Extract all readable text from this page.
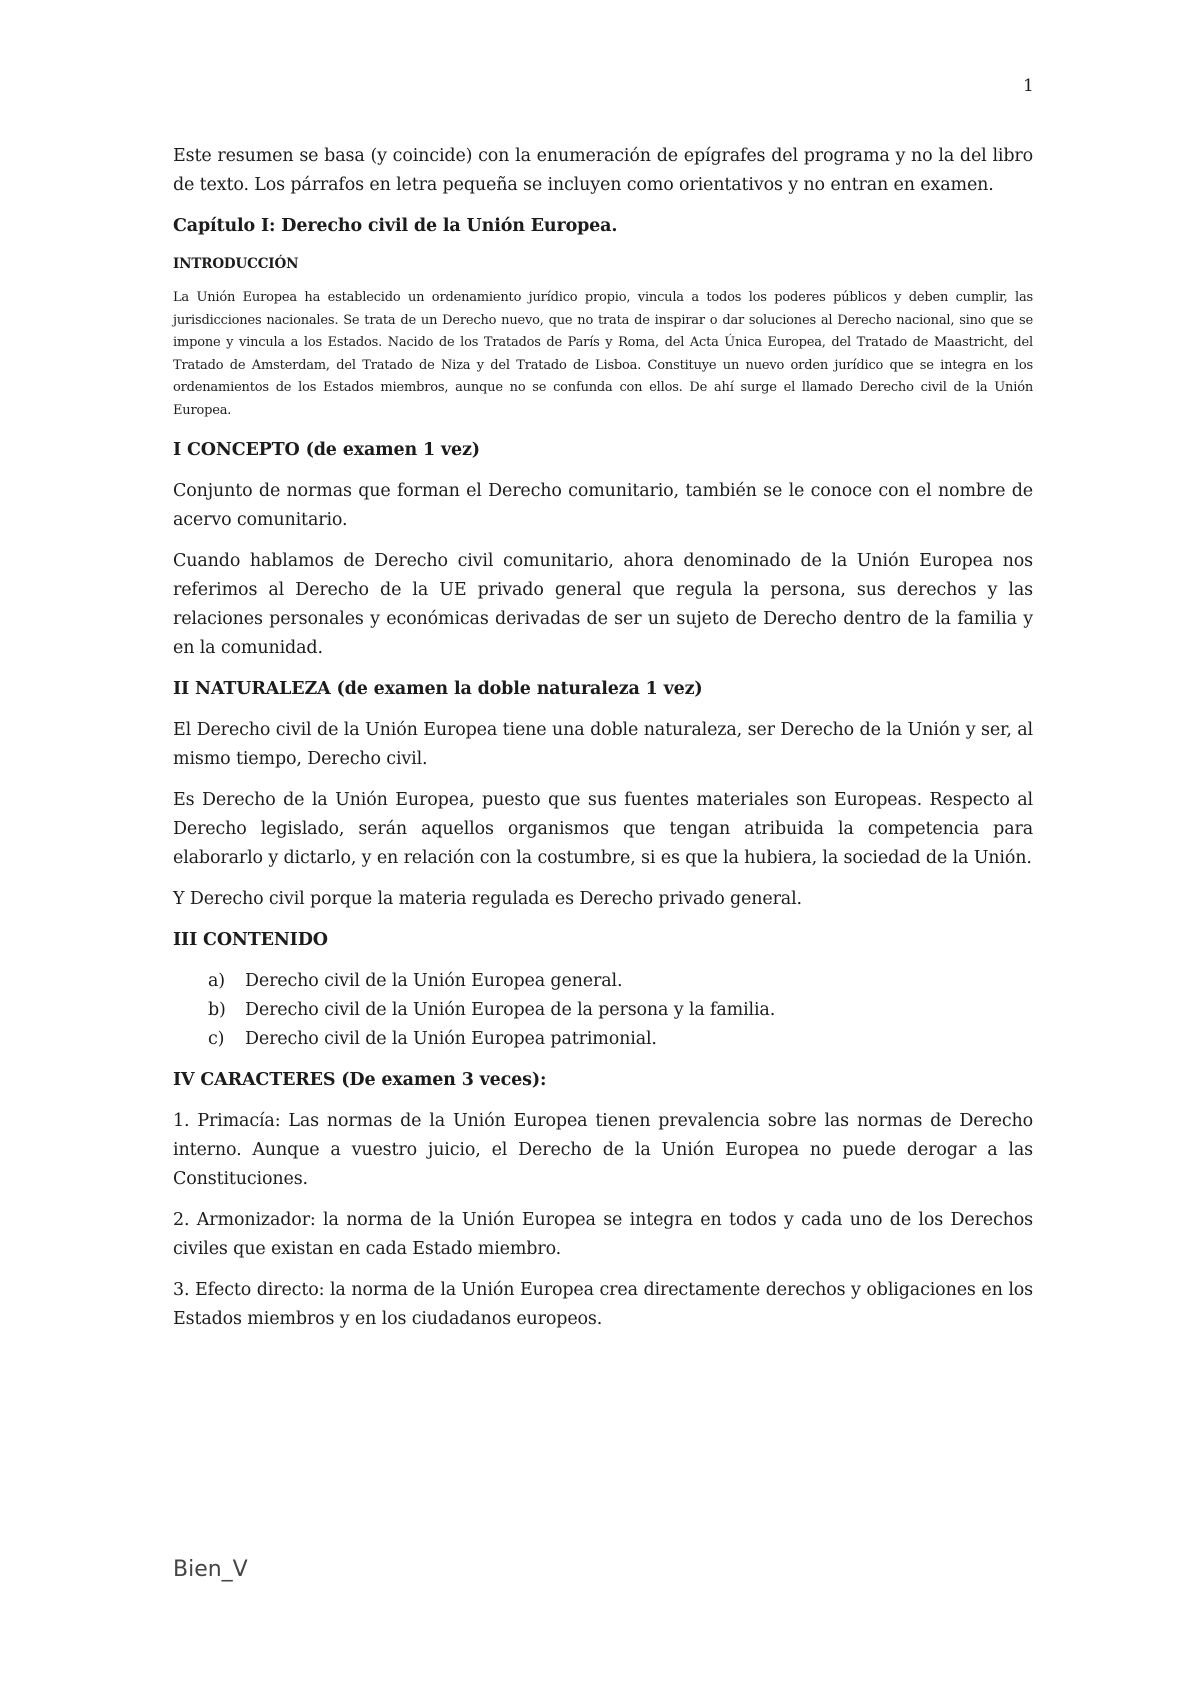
1

Este resumen se basa (y coincide) con la enumeración de epígrafes del programa y no la del libro de texto. Los párrafos en letra pequeña se incluyen como orientativos y no entran en examen.

Capítulo I: Derecho civil de la Unión Europea.
INTRODUCCIÓN

La Unión Europea ha establecido un ordenamiento jurídico propio, vincula a todos los poderes públicos y deben cumplir, las jurisdicciones nacionales. Se trata de un Derecho nuevo, que no trata de inspirar o dar soluciones al Derecho nacional, sino que se impone y vincula a los Estados. Nacido de los Tratados de París y Roma, del Acta Única Europea, del Tratado de Maastricht, del Tratado de Amsterdam, del Tratado de Niza y del Tratado de Lisboa. Constituye un nuevo orden jurídico que se integra en los ordenamientos de los Estados miembros, aunque no se confunda con ellos. De ahí surge el llamado Derecho civil de la Unión Europea.

I CONCEPTO (de examen 1 vez)

Conjunto de normas que forman el Derecho comunitario, también se le conoce con el nombre de acervo comunitario.

Cuando hablamos de Derecho civil comunitario, ahora denominado de la Unión Europea nos referimos al Derecho de la UE privado general que regula la persona, sus derechos y las relaciones personales y económicas derivadas de ser un sujeto de Derecho dentro de la familia y en la comunidad.

II NATURALEZA (de examen la doble naturaleza 1 vez)

El Derecho civil de la Unión Europea tiene una doble naturaleza, ser Derecho de la Unión y ser, al mismo tiempo, Derecho civil.

Es Derecho de la Unión Europea, puesto que sus fuentes materiales son Europeas. Respecto al Derecho legislado, serán aquellos organismos que tengan atribuida la competencia para elaborarlo y dictarlo, y en relación con la costumbre, si es que la hubiera, la sociedad de la Unión.

Y Derecho civil porque la materia regulada es Derecho privado general.

III CONTENIDO
a) Derecho civil de la Unión Europea general.
b) Derecho civil de la Unión Europea de la persona y la familia.
c) Derecho civil de la Unión Europea patrimonial.
IV CARACTERES (De examen 3 veces):

1. Primacía: Las normas de la Unión Europea tienen prevalencia sobre las normas de Derecho interno. Aunque a vuestro juicio, el Derecho de la Unión Europea no puede derogar a las Constituciones.

2. Armonizador: la norma de la Unión Europea se integra en todos y cada uno de los Derechos civiles que existan en cada Estado miembro.

3. Efecto directo: la norma de la Unión Europea crea directamente derechos y obligaciones en los Estados miembros y en los ciudadanos europeos.

Bien_V
